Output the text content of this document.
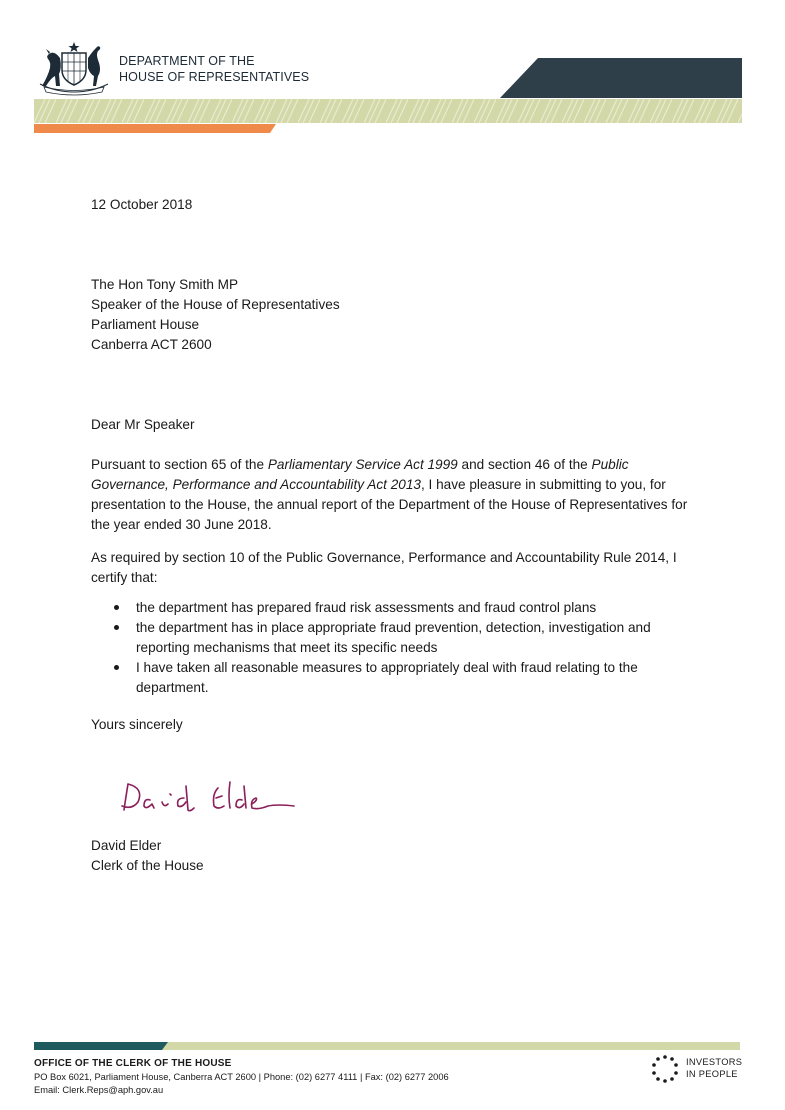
DEPARTMENT OF THE
HOUSE OF REPRESENTATIVES
12 October 2018
The Hon Tony Smith MP
Speaker of the House of Representatives
Parliament House
Canberra ACT 2600
Dear Mr Speaker
Pursuant to section 65 of the Parliamentary Service Act 1999 and section 46 of the Public Governance, Performance and Accountability Act 2013, I have pleasure in submitting to you, for presentation to the House, the annual report of the Department of the House of Representatives for the year ended 30 June 2018.
As required by section 10 of the Public Governance, Performance and Accountability Rule 2014, I certify that:
the department has prepared fraud risk assessments and fraud control plans
the department has in place appropriate fraud prevention, detection, investigation and reporting mechanisms that meet its specific needs
I have taken all reasonable measures to appropriately deal with fraud relating to the department.
Yours sincerely
David Elder
Clerk of the House
OFFICE OF THE CLERK OF THE HOUSE
PO Box 6021, Parliament House, Canberra ACT 2600 | Phone: (02) 6277 4111 | Fax: (02) 6277 2006
Email: Clerk.Reps@aph.gov.au
INVESTORS
IN PEOPLE
